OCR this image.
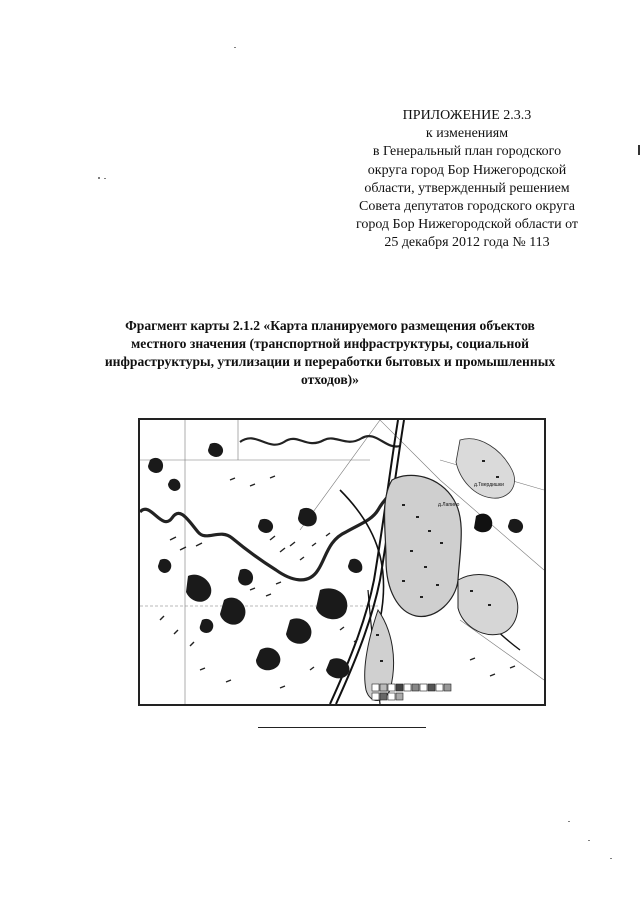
ПРИЛОЖЕНИЕ 2.3.3
к изменениям
в Генеральный план городского
округа город Бор Нижегородской
области, утвержденный решением
Совета депутатов городского округа
город Бор Нижегородской области от
25 декабря 2012 года № 113
Фрагмент карты 2.1.2 «Карта планируемого размещения объектов
местного значения (транспортной инфраструктуры, социальной
инфраструктуры, утилизации и переработки бытовых и промышленных
отходов)»
д.Твердишки
д.Лапино
